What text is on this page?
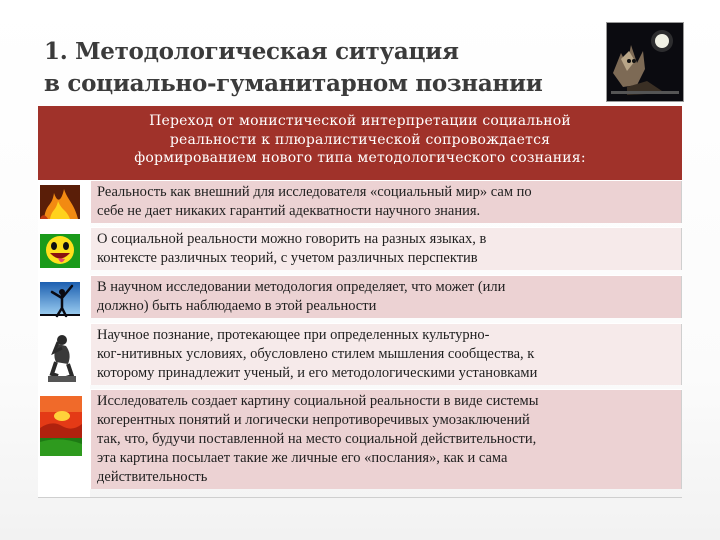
1. Методологическая ситуация
в социально-гуманитарном познании
Переход от монистической интерпретации социальной
реальности к плюралистической сопровождается
формированием нового типа методологического сознания:
Реальность как внешний для исследователя «социальный мир» сам по
себе не дает никаких гарантий адекватности научного знания.
О социальной реальности можно говорить на разных языках, в
контексте различных теорий, с учетом различных перспектив
В научном исследовании методология определяет, что может (или
должно) быть наблюдаемо в этой реальности
Научное познание, протекающее при определенных культурно-
ког-нитивных условиях, обусловлено стилем мышления сообщества, к
которому принадлежит ученый, и его методологическими установками
Исследователь создает картину социальной реальности в виде системы
когерентных понятий и логически непротиворечивых умозаключений
так, что, будучи поставленной на место социальной действительности,
эта картина посылает такие же личные его «послания», как и сама
действительность
